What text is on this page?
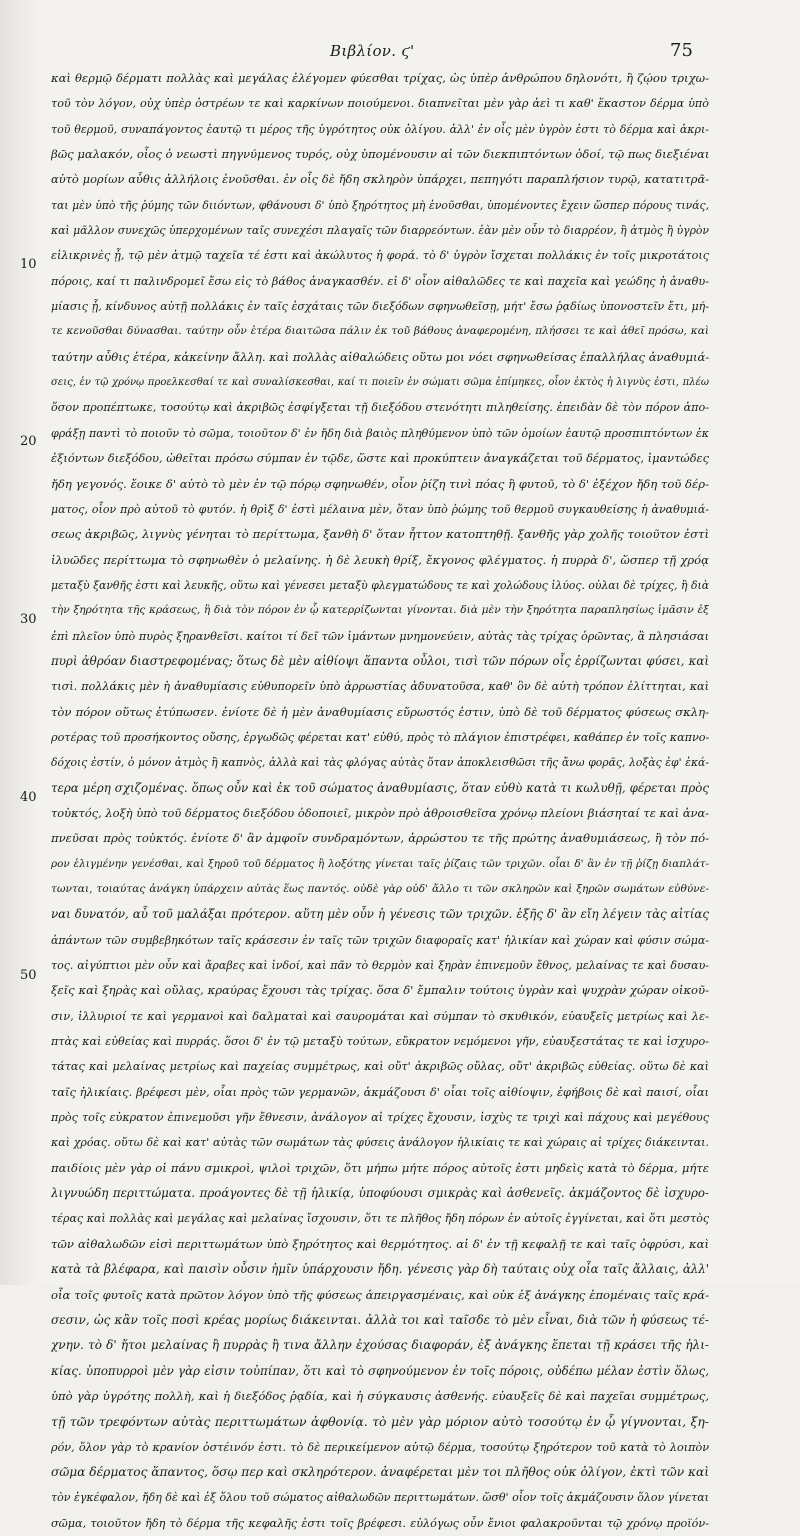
Βιβλίον. ϛ'	75
10
20
30
40
50
καὶ θερμῷ δέρματι πολλὰς καὶ μεγάλας ἐλέγομεν φύεσθαι τρίχας, ὡς ὑπὲρ ἀνθρώπου δηλονότι, ἢ ζῴου τριχω-
τοῦ τὸν λόγον, οὐχ ὑπὲρ ὀστρέων τε καὶ καρκίνων ποιούμενοι. διαπνεῖται μὲν γὰρ ἀεὶ τι καθ' ἕκαστον δέρμα ὑπὸ
τοῦ θερμοῦ, συναπάγοντος ἑαυτῷ τι μέρος τῆς ὑγρότητος οὐκ ὀλίγου. ἀλλ' ἐν οἷς μὲν ὑγρὸν ἐστι τὸ δέρμα καὶ ἀκρι-
βῶς μαλακόν, οἷος ὁ νεωστὶ πηγνύμενος τυρός, οὐχ ὑπομένουσιν αἱ τῶν διεκπιπτόντων ὁδοί, τῷ πως διεξιέναι
αὐτὸ μορίων αὖθις ἀλλήλοις ἐνοῦσθαι. ἐν οἷς δὲ ἤδη σκληρὸν ὑπάρχει, πεπηγότι παραπλήσιον τυρῷ, κατατιτρᾶ-
ται μὲν ὑπὸ τῆς ῥύμης τῶν διιόντων, φθάνουσι δ' ὑπὸ ξηρότητος μὴ ἑνοῦσθαι, ὑπομένοντες ἔχειν ὥσπερ πόρους τινάς,
καὶ μᾶλλον συνεχῶς ὑπερχομένων ταῖς συνεχέσι πλαγαῖς τῶν διαρρεόντων. ἐὰν μὲν οὖν τὸ διαρρέον, ἢ ἀτμὸς ἢ ὑγρὸν
εἰλικρινὲς ᾖ, τῷ μὲν ἀτμῷ ταχεῖα τέ ἐστι καὶ ἀκώλυτος ἡ φορά. τὸ δ' ὑγρὸν ἴσχεται πολλάκις ἐν τοῖς μικροτάτοις
πόροις, καί τι παλινδρομεῖ ἔσω εἰς τὸ βάθος ἀναγκασθέν. εἰ δ' οἷον αἰθαλῶδες τε καὶ παχεῖα καὶ γεώδης ἡ ἀναθυ-
μίασις ᾖ, κίνδυνος αὐτῇ πολλάκις ἐν ταῖς ἐσχάταις τῶν διεξόδων σφηνωθεῖσῃ, μήτ' ἔσω ῥᾳδίως ὑπονοστεῖν ἔτι, μή-
τε κενοῦσθαι δύνασθαι. ταύτην οὖν ἑτέρα διαιτῶσα πάλιν ἐκ τοῦ βάθους ἀναφερομένη, πλήσσει τε καὶ ἀθεῖ πρόσω, καὶ
ταύτην αὖθις ἑτέρα, κἀκείνην ἄλλη. καὶ πολλὰς αἰθαλώδεις οὕτω μοι νόει σφηνωθείσας ἐπαλλήλας ἀναθυμιά-
σεις, ἐν τῷ χρόνῳ προελκεσθαί τε καὶ συναλίσκεσθαι, καί τι ποιεῖν ἐν σώματι σῶμα ἐπίμηκες, οἷον ἐκτὸς ἡ λιγνὺς ἐστι, πλέω
ὅσον προπέπτωκε, τοσούτῳ καὶ ἀκριβῶς ἐσφίγξεται τῇ διεξόδου στενότητι πιληθείσης. ἐπειδὰν δὲ τὸν πόρον ἀπο-
φράξῃ παντὶ τὸ ποιοῦν τὸ σῶμα, τοιοῦτον δ' ἐν ἤδη διὰ βαιὸς πληθύμενον ὑπὸ τῶν ὁμοίων ἑαυτῷ προσπιπτόντων ἐκ
ἐξιόντων διεξόδου, ὠθεῖται πρόσω σύμπαν ἐν τῷδε, ὥστε καὶ προκύπτειν ἀναγκάζεται τοῦ δέρματος, ἱμαντώδες
ἤδη γεγονός. ἔοικε δ' αὐτὸ τὸ μὲν ἐν τῷ πόρῳ σφηνωθέν, οἷον ῥίζη τινὶ πόας ἢ φυτοῦ, τὸ δ' ἐξέχον ἤδη τοῦ δέρ-
ματος, οἷον πρὸ αὐτοῦ τὸ φυτόν. ἡ θρὶξ δ' ἐστὶ μέλαινα μὲν, ὅταν ὑπὸ ῥώμης τοῦ θερμοῦ συγκαυθείσης ἡ ἀναθυμιά-
σεως ἀκριβῶς, λιγνὺς γένηται τὸ περίττωμα, ξανθὴ δ' ὅταν ἦττον κατοπτηθῇ. ξανθῆς γὰρ χολῆς τοιοῦτον ἐστὶ
ἰλυῶδες περίττωμα τὸ σφηνωθὲν ὁ μελαίνης. ἡ δὲ λευκὴ θρίξ, ἔκγονος φλέγματος. ἡ πυρρὰ δ', ὥσπερ τῇ χρόᾳ
μεταξὺ ξανθῆς ἐστι καὶ λευκῆς, οὕτω καὶ γένεσει μεταξὺ φλεγματώδους τε καὶ χολώδους ἰλύος. οὐλαι δὲ τρίχες, ἢ διὰ
τὴν ξηρότητα τῆς κράσεως, ἢ διὰ τὸν πόρον ἐν ᾧ κατερρίζωνται γίνονται. διὰ μὲν τὴν ξηρότητα παραπλησίως ἱμᾶσιν ἐξ
ἐπὶ πλεῖον ὑπὸ πυρὸς ξηρανθεῖσι. καίτοι τί δεῖ τῶν ἱμάντων μνημονεύειν, αὐτὰς τὰς τρίχας ὁρῶντας, ἃ πλησιάσαι
πυρὶ ἀθρόαν διαστρεφομένας; ὅτως δὲ μὲν αἰθίοψι ἅπαντα οὖλοι, τισὶ τῶν πόρων οἷς ἐρρίζωνται φύσει, καὶ
τισὶ. πολλάκις μὲν ἡ ἀναθυμίασις εὐθυπορεῖν ὑπὸ ἀρρωστίας ἀδυνατοῦσα, καθ' ὃν δὲ αὐτὴ τρόπον ἐλίττηται, καὶ
τὸν πόρον οὕτως ἐτύπωσεν. ἐνίοτε δὲ ἡ μὲν ἀναθυμίασις εὔρωστός ἐστιν, ὑπὸ δὲ τοῦ δέρματος φύσεως σκλη-
ροτέρας τοῦ προσήκοντος οὔσης, ἐργωδῶς φέρεται κατ' εὐθύ, πρὸς τὸ πλάγιον ἐπιστρέφει, καθάπερ ἐν τοῖς καπνο-
δόχοις ἐστίν, ὁ μόνον ἀτμὸς ἢ καπνὸς, ἀλλὰ καὶ τὰς φλόγας αὐτὰς ὅταν ἀποκλεισθῶσι τῆς ἄνω φορᾶς, λοξὰς ἐφ' ἑκά-
τερα μέρη σχιζομένας. ὅπως οὖν καὶ ἐκ τοῦ σώματος ἀναθυμίασις, ὅταν εὐθὺ κατὰ τι κωλυθῇ, φέρεται πρὸς
τοὐκτός, λοξὴ ὑπὸ τοῦ δέρματος διεξόδου ὁδοποιεῖ, μικρὸν πρὸ ἀθροισθεῖσα χρόνῳ πλείονι βιάσηταί τε καὶ ἀνα-
πνεῦσαι πρὸς τοὐκτός. ἐνίοτε δ' ἂν ἀμφοῖν συνδραμόντων, ἀρρώστου τε τῆς πρώτης ἀναθυμιάσεως, ἢ τὸν πό-
ρον ἑλιγμένην γενέσθαι, καὶ ξηροῦ τοῦ δέρματος ἢ λοξότης γίνεται ταῖς ῥίζαις τῶν τριχῶν. οἷαι δ' ἂν ἐν τῇ ῥίζῃ διαπλάτ-
τωνται, τοιαύτας ἀνάγκη ὑπάρχειν αὐτὰς ἕως παντός. οὐδὲ γὰρ οὐδ' ἄλλο τι τῶν σκληρῶν καὶ ξηρῶν σωμάτων εὐθύνε-
ναι δυνατόν, αὖ τοῦ μαλάξαι πρότερον. αὕτη μὲν οὖν ἡ γένεσις τῶν τριχῶν. ἑξῆς δ' ἂν εἴη λέγειν τὰς αἰτίας
ἁπάντων τῶν συμβεβηκότων ταῖς κράσεσιν ἐν ταῖς τῶν τριχῶν διαφοραῖς κατ' ἡλικίαν καὶ χώραν καὶ φύσιν σώμα-
τος. αἰγύπτιοι μὲν οὖν καὶ ἄραβες καὶ ἰνδοί, καὶ πᾶν τὸ θερμὸν καὶ ξηρὰν ἐπινεμοῦν ἔθνος, μελαίνας τε καὶ δυσαυ-
ξεῖς καὶ ξηρὰς καὶ οὔλας, κραύρας ἔχουσι τὰς τρίχας. ὅσα δ' ἔμπαλιν τούτοις ὑγρὰν καὶ ψυχρὰν χώραν οἰκοῦ-
σιν, ἰλλυριοί τε καὶ γερμανοὶ καὶ δαλματαὶ καὶ σαυρομάται καὶ σύμπαν τὸ σκυθικόν, εὐαυξεῖς μετρίως καὶ λε-
πτὰς καὶ εὐθείας καὶ πυρράς. ὅσοι δ' ἐν τῷ μεταξὺ τούτων, εὔκρατον νεμόμενοι γῆν, εὐαυξεστάτας τε καὶ ἰσχυρο-
τάτας καὶ μελαίνας μετρίως καὶ παχείας συμμέτρως, καὶ οὔτ' ἀκριβῶς οὔλας, οὔτ' ἀκριβῶς εὐθείας. οὕτω δὲ καὶ
ταῖς ἡλικίαις. βρέφεσι μὲν, οἷαι πρὸς τῶν γερμανῶν, ἀκμάζουσι δ' οἷαι τοῖς αἰθίοψιν, ἐφήβοις δὲ καὶ παισί, οἷαι
πρὸς τοῖς εὐκρατον ἐπινεμοῦσι γῆν ἔθνεσιν, ἀνάλογον αἱ τρίχες ἔχουσιν, ἰσχὺς τε τριχὶ καὶ πάχους καὶ μεγέθους
καὶ χρόας. οὕτω δὲ καὶ κατ' αὐτὰς τῶν σωμάτων τὰς φύσεις ἀνάλογον ἡλικίαις τε καὶ χώραις αἱ τρίχες διάκεινται.
παιδίοις μὲν γὰρ οἱ πάνυ σμικροὶ, ψιλοὶ τριχῶν, ὅτι μήπω μήτε πόρος αὐτοῖς ἐστι μηδεὶς κατὰ τὸ δέρμα, μήτε
λιγνυώδη περιττώματα. προάγοντες δὲ τῇ ἡλικίᾳ, ὑποφύουσι σμικρὰς καὶ ἀσθενεῖς. ἀκμάζοντος δὲ ἰσχυρο-
τέρας καὶ πολλὰς καὶ μεγάλας καὶ μελαίνας ἴσχουσιν, ὅτι τε πλῆθος ἤδη πόρων ἐν αὐτοῖς ἐγγίνεται, καὶ ὅτι μεστὸς
τῶν αἰθαλωδῶν εἰσὶ περιττωμάτων ὑπὸ ξηρότητος καὶ θερμότητος. αἱ δ' ἐν τῇ κεφαλῇ τε καὶ ταῖς ὀφρύσι, καὶ
κατὰ τὰ βλέφαρα, καὶ παισὶν οὖσιν ἡμῖν ὑπάρχουσιν ἤδη. γένεσις γὰρ δὴ ταύταις οὐχ οἷα ταῖς ἄλλαις, ἀλλ'
οἷα τοῖς φυτοῖς κατὰ πρῶτον λόγον ὑπὸ τῆς φύσεως ἀπειργασμέναις, καὶ οὐκ ἐξ ἀνάγκης ἑπομέναις ταῖς κρά-
σεσιν, ὡς κἂν τοῖς ποσὶ κρέας μορίως διάκεινται. ἀλλὰ τοι καὶ ταῖσδε τὸ μὲν εἶναι, διὰ τῶν ἡ φύσεως τέ-
χνην. τὸ δ' ἤτοι μελαίνας ἢ πυρρὰς ἢ τινα ἄλλην ἐχούσας διαφοράν, ἐξ ἀνάγκης ἕπεται τῇ κράσει τῆς ἡλι-
κίας. ὑποπυρροὶ μὲν γὰρ εἰσιν τοὐπίπαν, ὅτι καὶ τὸ σφηνούμενον ἐν τοῖς πόροις, οὐδέπω μέλαν ἐστὶν ὅλως,
ὑπὸ γὰρ ὑγρότης πολλὴ, καὶ ἡ διεξόδος ῥᾳδία, καὶ ἡ σύγκαυσις ἀσθενής. εὐαυξεῖς δὲ καὶ παχεῖαι συμμέτρως,
τῇ τῶν τρεφόντων αὐτὰς περιττωμάτων ἀφθονίᾳ. τὸ μὲν γὰρ μόριον αὐτὸ τοσούτῳ ἐν ᾧ γίγνονται, ξη-
ρόν, ὅλον γὰρ τὸ κρανίον ὀστέινόν ἐστι. τὸ δὲ περικείμενον αὐτῷ δέρμα, τοσούτῳ ξηρότερον τοῦ κατὰ τὸ λοιπὸν
σῶμα δέρματος ἅπαντος, ὅσῳ περ καὶ σκληρότερον. ἀναφέρεται μὲν τοι πλῆθος οὐκ ὀλίγον, ἐκτὶ τῶν καὶ
τὸν ἐγκέφαλον, ἤδη δὲ καὶ ἐξ ὅλου τοῦ σώματος αἰθαλωδῶν περιττωμάτων. ὥσθ' οἷον τοῖς ἀκμάζουσιν ὅλον γίνεται
σῶμα, τοιοῦτον ἤδη τὸ δέρμα τῆς κεφαλῆς ἐστι τοῖς βρέφεσι. εὐλόγως οὖν ἔνιοι φαλακροῦνται τῷ χρόνῳ προϊόν-
